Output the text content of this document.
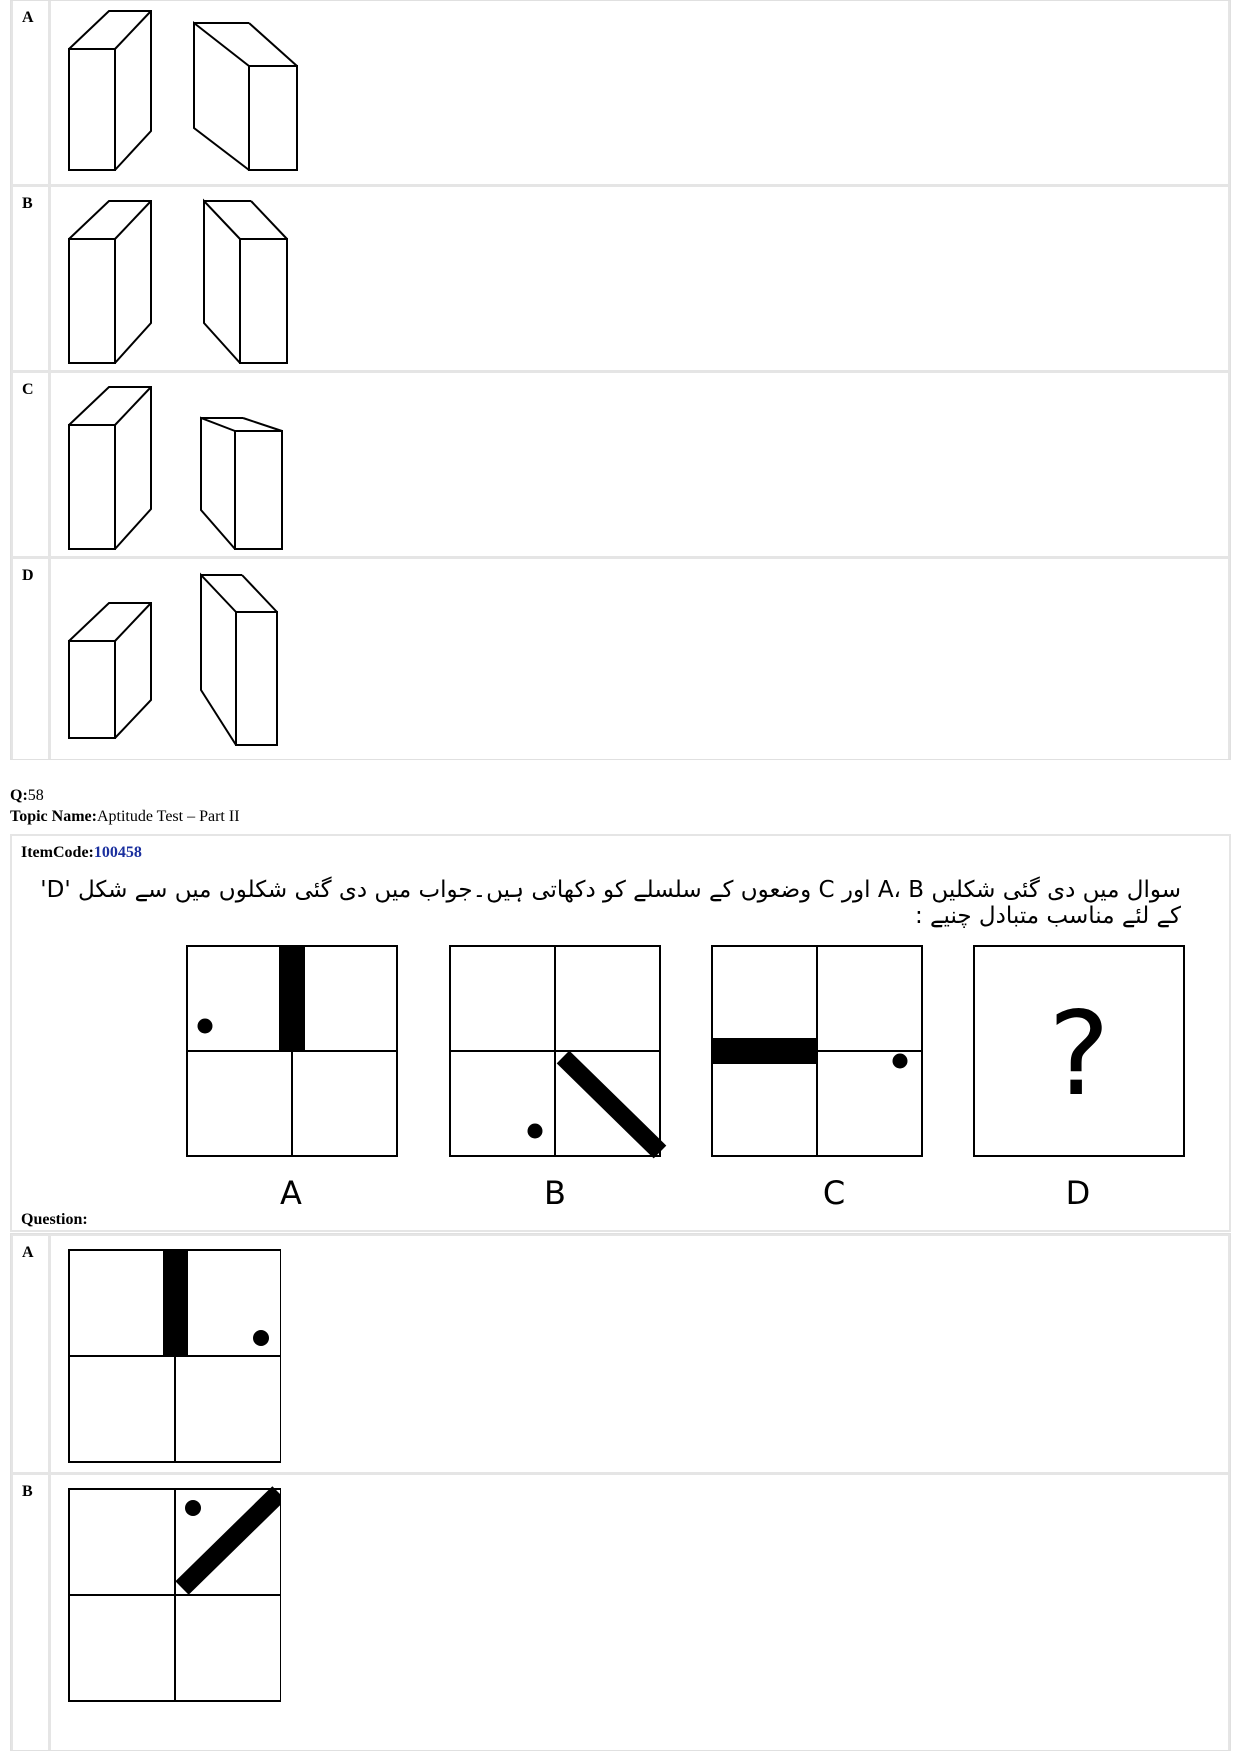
A
B
C
D
Q:58
Topic Name:Aptitude Test – Part II
ItemCode:100458
سوال میں دی گئی شکلیں A، B اور C وضعوں کے سلسلے کو دکھاتی ہیں۔جواب میں دی گئی شکلوں میں سے شکل 'D' کے لئے مناسب متبادل چنیے :
?
A	B	C	D
Question:
A
B
